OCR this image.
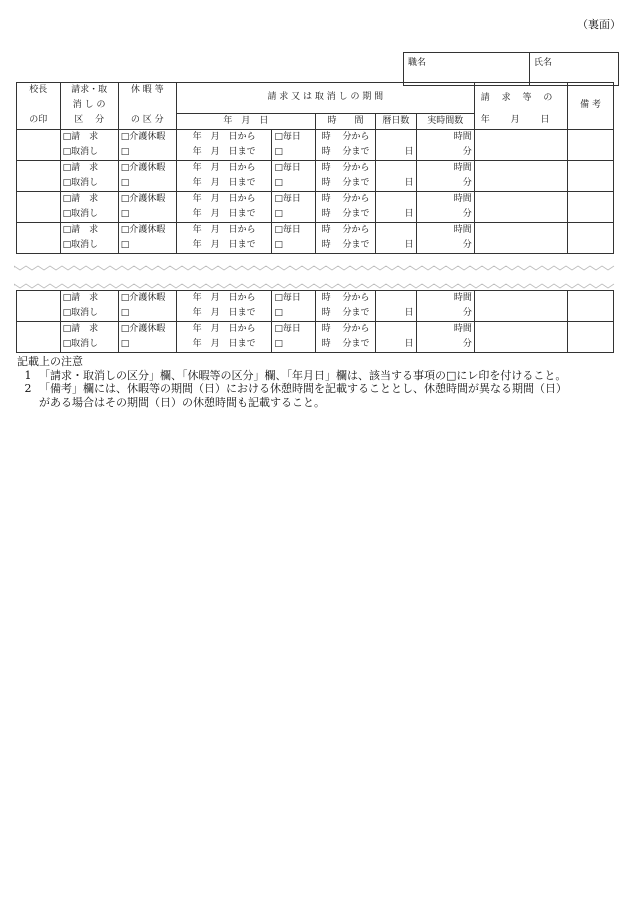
（裏面）
職名	氏名
校長	請求・取	休 暇 等	請 求 又 は 取 消 し の 期 間					請　 求　 等　 の	備 考
	消 し の								
の印	区　 分	の 区 分	年　月　日		時　　間	暦日数	実時間数	年　　 月　　 日	
	□請　求	□介護休暇	年　月　日から	□毎日	時　 分から		時間		
	□取消し	□	年　月　日まで	□	時　 分まで	日	分		
	□請　求	□介護休暇	年　月　日から	□毎日	時　 分から		時間		
	□取消し	□	年　月　日まで	□	時　 分まで	日	分		
	□請　求	□介護休暇	年　月　日から	□毎日	時　 分から		時間		
	□取消し	□	年　月　日まで	□	時　 分まで	日	分		
	□請　求	□介護休暇	年　月　日から	□毎日	時　 分から		時間		
	□取消し	□	年　月　日まで	□	時　 分まで	日	分		
	□請　求	□介護休暇	年　月　日から	□毎日	時　 分から		時間		
	□取消し	□	年　月　日まで	□	時　 分まで	日	分		
	□請　求	□介護休暇	年　月　日から	□毎日	時　 分から		時間		
	□取消し	□	年　月　日まで	□	時　 分まで	日	分		
記載上の注意
1 「請求・取消しの区分」欄、「休暇等の区分」欄、「年月日」欄は、該当する事項の□にレ印を付けること。
2 「備考」欄には、休暇等の期間（日）における休憩時間を記載することとし、休憩時間が異なる期間（日）
がある場合はその期間（日）の休憩時間も記載すること。
